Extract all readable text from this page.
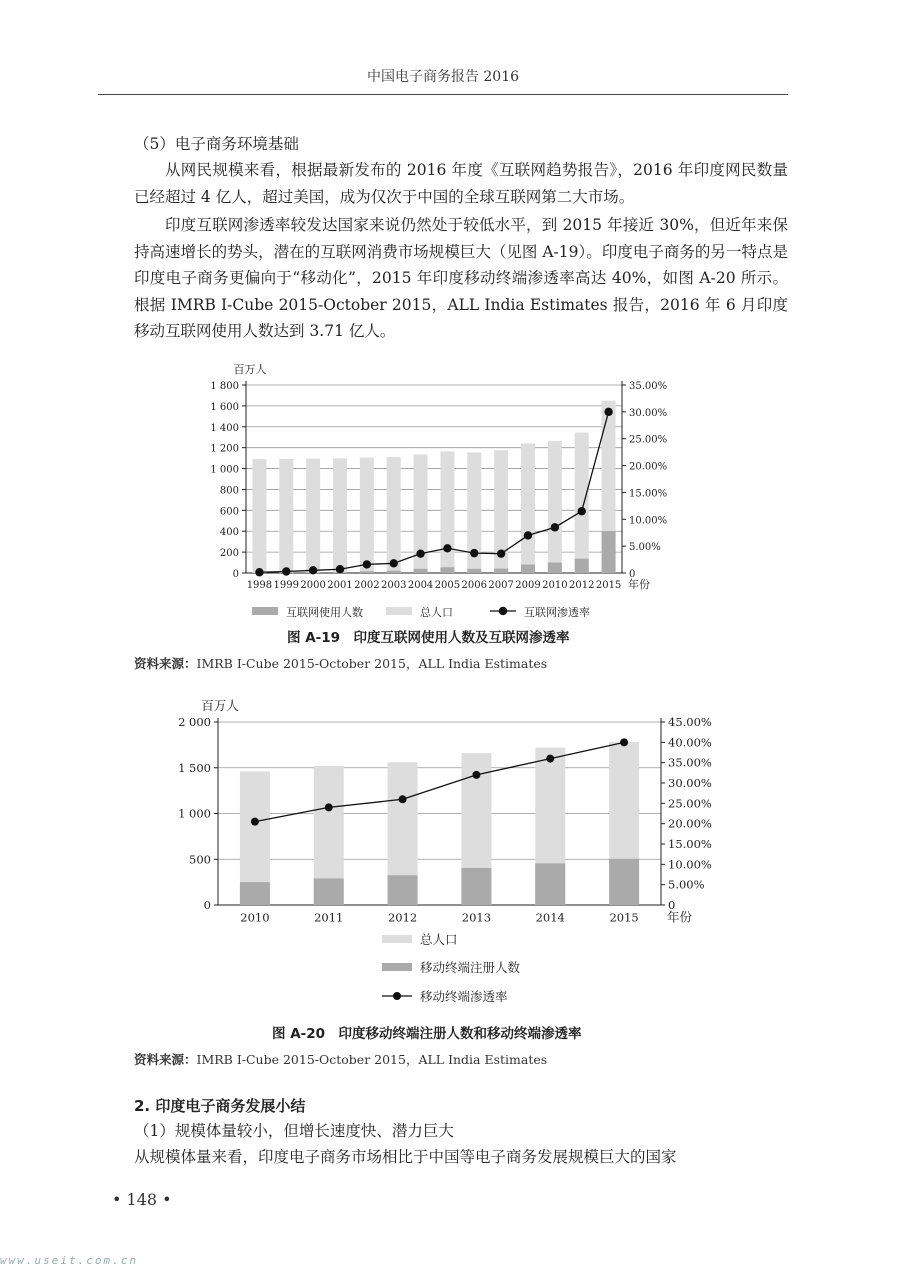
中国电子商务报告 2016
（5）电子商务环境基础
从网民规模来看，根据最新发布的 2016 年度《互联网趋势报告》，2016 年印度网民数量已经超过 4 亿人，超过美国，成为仅次于中国的全球互联网第二大市场。
印度互联网渗透率较发达国家来说仍然处于较低水平，到 2015 年接近 30%，但近年来保持高速增长的势头，潜在的互联网消费市场规模巨大（见图 A-19）。印度电子商务的另一特点是印度电子商务更偏向于“移动化”，2015 年印度移动终端渗透率高达 40%，如图 A-20 所示。根据 IMRB I-Cube 2015-October 2015，ALL India Estimates 报告，2016 年 6 月印度移动互联网使用人数达到 3.71 亿人。
0
200
400
600
800
1 000
1 200
1 400
1 600
1 800
0
5.00%
10.00%
15.00%
20.00%
25.00%
30.00%
35.00%
百万人
1998 1999 2000 2001 2002 2003 2004 2005 2006 2007 2009 2010 2012 2015 年份
互联网使用人数	总人口	互联网渗透率
图 A-19　印度互联网使用人数及互联网渗透率
资料来源：IMRB I-Cube 2015-October 2015，ALL India Estimates
0
500
1 000
1 500
2 000
0
5.00%
10.00%
15.00%
20.00%
25.00%
30.00%
35.00%
40.00%
45.00%
百万人
2010	2011	2012	2013	2014	2015 年份
总人口
移动终端注册人数
移动终端渗透率
图 A-20　印度移动终端注册人数和移动终端渗透率
资料来源：IMRB I-Cube 2015-October 2015，ALL India Estimates
2. 印度电子商务发展小结
（1）规模体量较小，但增长速度快、潜力巨大
从规模体量来看，印度电子商务市场相比于中国等电子商务发展规模巨大的国家
• 148 •
www.useit.com.cn
